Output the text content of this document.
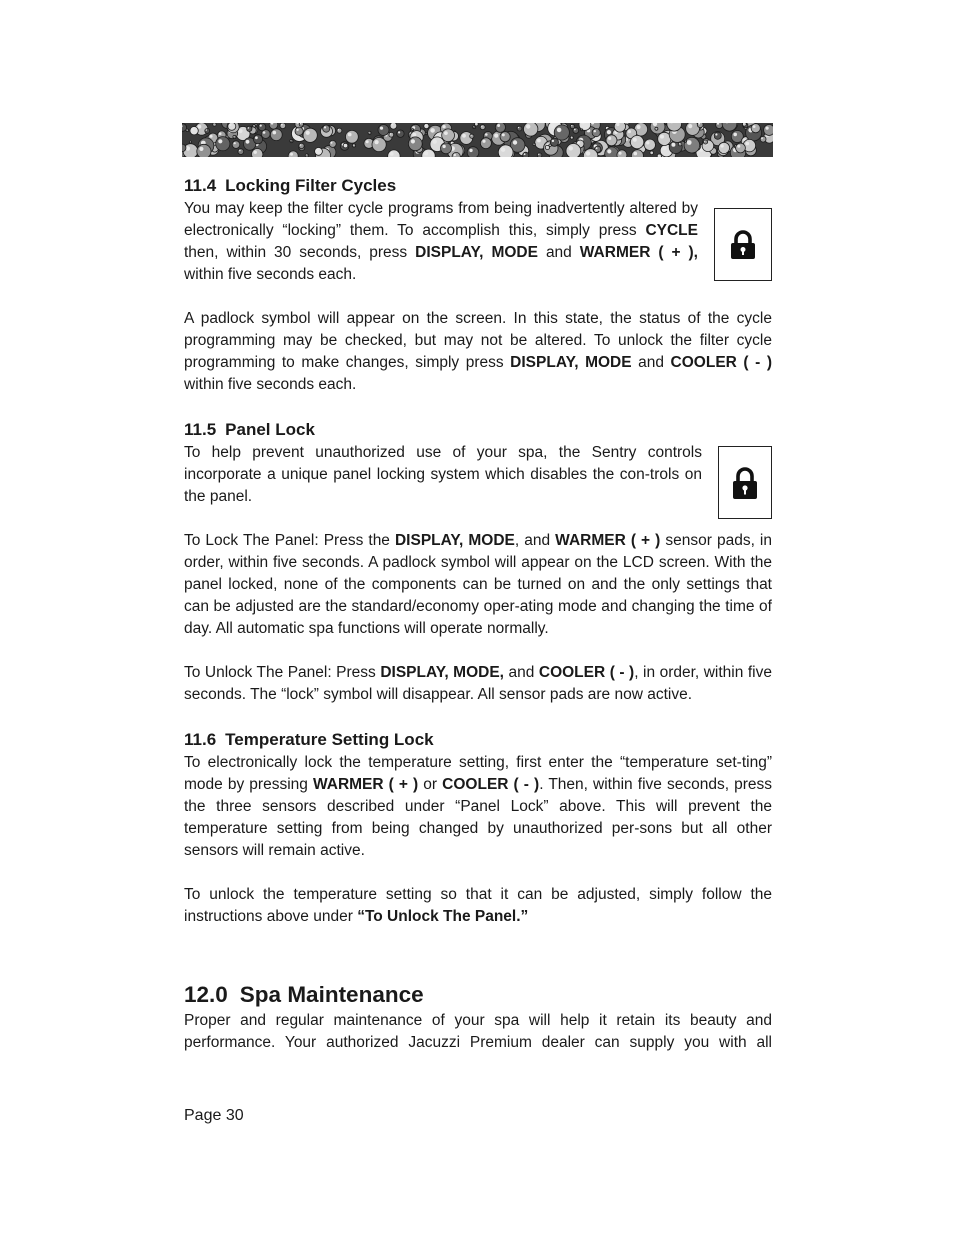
11.4 Locking Filter Cycles

You may keep the filter cycle programs from being inadvertently altered by electronically “locking” them. To accomplish this, simply press CYCLE then, within 30 seconds, press DISPLAY, MODE and WARMER ( + ), within five seconds each.

A padlock symbol will appear on the screen. In this state, the status of the cycle programming may be checked, but may not be altered. To unlock the filter cycle programming to make changes, simply press DISPLAY, MODE and COOLER ( - ) within five seconds each.

11.5 Panel Lock

To help prevent unauthorized use of your spa, the Sentry controls incorporate a unique panel locking system which disables the con-trols on the panel.

To Lock The Panel: Press the DISPLAY, MODE, and WARMER ( + ) sensor pads, in order, within five seconds. A padlock symbol will appear on the LCD screen. With the panel locked, none of the components can be turned on and the only settings that can be adjusted are the standard/economy oper-ating mode and changing the time of day. All automatic spa functions will operate normally.

To Unlock The Panel: Press DISPLAY, MODE, and COOLER ( - ), in order, within five seconds. The “lock” symbol will disappear. All sensor pads are now active.

11.6 Temperature Setting Lock

To electronically lock the temperature setting, first enter the “temperature set-ting” mode by pressing WARMER ( + ) or COOLER ( - ). Then, within five seconds, press the three sensors described under “Panel Lock” above. This will prevent the temperature setting from being changed by unauthorized per-sons but all other sensors will remain active.

To unlock the temperature setting so that it can be adjusted, simply follow the instructions above under “To Unlock The Panel.”

12.0 Spa Maintenance

Proper and regular maintenance of your spa will help it retain its beauty and performance. Your authorized Jacuzzi Premium dealer can supply you with all

Page 30
